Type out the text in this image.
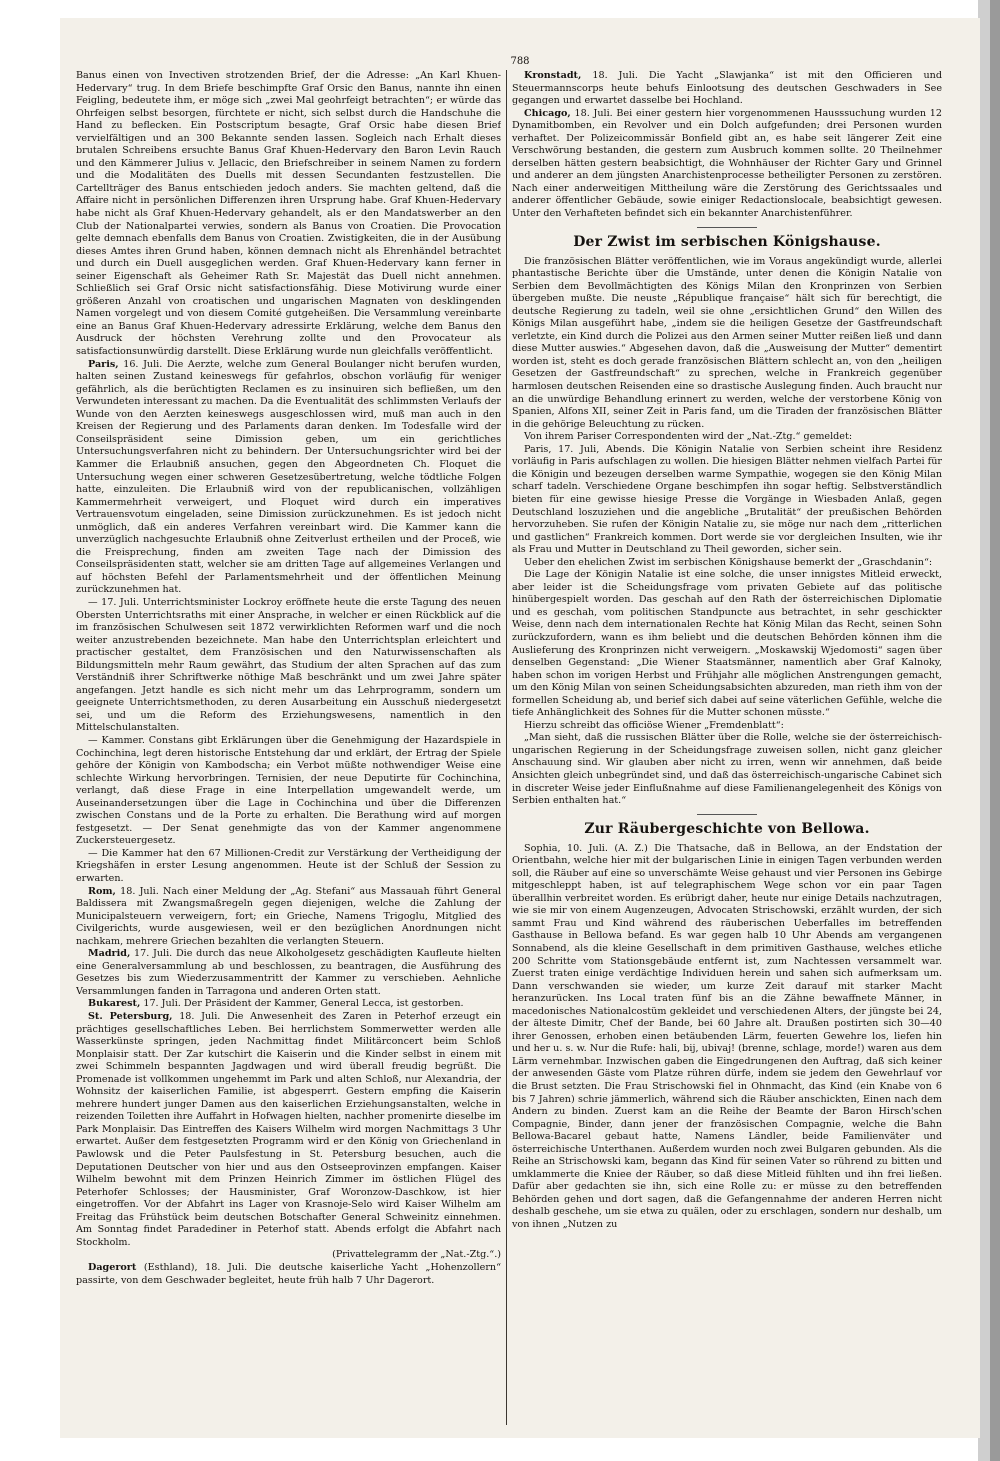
788

Banus einen von Invectiven strotzenden Brief, der die Adresse: „An Karl Khuen-Hedervary“ trug. In dem Briefe beschimpfte Graf Orsic den Banus, nannte ihn einen Feigling, bedeutete ihm, er möge sich „zwei Mal geohrfeigt betrachten“; er würde das Ohrfeigen selbst besorgen, fürchtete er nicht, sich selbst durch die Handschuhe die Hand zu beflecken. Ein Postscriptum besagte, Graf Orsic habe diesen Brief vervielfältigen und an 300 Bekannte senden lassen. Sogleich nach Erhalt dieses brutalen Schreibens ersuchte Banus Graf Khuen-Hedervary den Baron Levin Rauch und den Kämmerer Julius v. Jellacic, den Briefschreiber in seinem Namen zu fordern und die Modalitäten des Duells mit dessen Secundanten festzustellen. Die Cartellträger des Banus entschieden jedoch anders. Sie machten geltend, daß die Affaire nicht in persönlichen Differenzen ihren Ursprung habe. Graf Khuen-Hedervary habe nicht als Graf Khuen-Hedervary gehandelt, als er den Mandatswerber an den Club der Nationalpartei verwies, sondern als Banus von Croatien. Die Provocation gelte demnach ebenfalls dem Banus von Croatien. Zwistigkeiten, die in der Ausübung dieses Amtes ihren Grund haben, können demnach nicht als Ehrenhändel betrachtet und durch ein Duell ausgeglichen werden. Graf Khuen-Hedervary kann ferner in seiner Eigenschaft als Geheimer Rath Sr. Majestät das Duell nicht annehmen. Schließlich sei Graf Orsic nicht satisfactionsfähig. Diese Motivirung wurde einer größeren Anzahl von croatischen und ungarischen Magnaten von desklingenden Namen vorgelegt und von diesem Comité gutgeheißen. Die Versammlung vereinbarte eine an Banus Graf Khuen-Hedervary adressirte Erklärung, welche dem Banus den Ausdruck der höchsten Verehrung zollte und den Provocateur als satisfactionsunwürdig darstellt. Diese Erklärung wurde nun gleichfalls veröffentlicht.

Paris, 16. Juli. Die Aerzte, welche zum General Boulanger nicht berufen wurden, halten seinen Zustand keineswegs für gefahrlos, obschon vorläufig für weniger gefährlich, als die berüchtigten Reclamen es zu insinuiren sich befließen, um den Verwundeten interessant zu machen. Da die Eventualität des schlimmsten Verlaufs der Wunde von den Aerzten keineswegs ausgeschlossen wird, muß man auch in den Kreisen der Regierung und des Parlaments daran denken. Im Todesfalle wird der Conseilspräsident seine Dimission geben, um ein gerichtliches Untersuchungsverfahren nicht zu behindern. Der Untersuchungsrichter wird bei der Kammer die Erlaubniß ansuchen, gegen den Abgeordneten Ch. Floquet die Untersuchung wegen einer schweren Gesetzesübertretung, welche tödtliche Folgen hatte, einzuleiten. Die Erlaubniß wird von der republicanischen, vollzähligen Kammermehrheit verweigert, und Floquet wird durch ein imperatives Vertrauensvotum eingeladen, seine Dimission zurückzunehmen. Es ist jedoch nicht unmöglich, daß ein anderes Verfahren vereinbart wird. Die Kammer kann die unverzüglich nachgesuchte Erlaubniß ohne Zeitverlust ertheilen und der Proceß, wie die Freisprechung, finden am zweiten Tage nach der Dimission des Conseilspräsidenten statt, welcher sie am dritten Tage auf allgemeines Verlangen und auf höchsten Befehl der Parlamentsmehrheit und der öffentlichen Meinung zurückzunehmen hat.

— 17. Juli. Unterrichtsminister Lockroy eröffnete heute die erste Tagung des neuen Obersten Unterrichtsraths mit einer Ansprache, in welcher er einen Rückblick auf die im französischen Schulwesen seit 1872 verwirklichten Reformen warf und die noch weiter anzustrebenden bezeichnete. Man habe den Unterrichtsplan erleichtert und practischer gestaltet, dem Französischen und den Naturwissenschaften als Bildungsmitteln mehr Raum gewährt, das Studium der alten Sprachen auf das zum Verständniß ihrer Schriftwerke nöthige Maß beschränkt und um zwei Jahre später angefangen. Jetzt handle es sich nicht mehr um das Lehrprogramm, sondern um geeignete Unterrichtsmethoden, zu deren Ausarbeitung ein Ausschuß niedergesetzt sei, und um die Reform des Erziehungswesens, namentlich in den Mittelschulanstalten.

— Kammer. Constans gibt Erklärungen über die Genehmigung der Hazardspiele in Cochinchina, legt deren historische Entstehung dar und erklärt, der Ertrag der Spiele gehöre der Königin von Kambodscha; ein Verbot müßte nothwendiger Weise eine schlechte Wirkung hervorbringen. Ternisien, der neue Deputirte für Cochinchina, verlangt, daß diese Frage in eine Interpellation umgewandelt werde, um Auseinandersetzungen über die Lage in Cochinchina und über die Differenzen zwischen Constans und de la Porte zu erhalten. Die Berathung wird auf morgen festgesetzt. — Der Senat genehmigte das von der Kammer angenommene Zuckersteuergesetz.

— Die Kammer hat den 67 Millionen-Credit zur Verstärkung der Vertheidigung der Kriegshäfen in erster Lesung angenommen. Heute ist der Schluß der Session zu erwarten.

Rom, 18. Juli. Nach einer Meldung der „Ag. Stefani“ aus Massauah führt General Baldissera mit Zwangsmaßregeln gegen diejenigen, welche die Zahlung der Municipalsteuern verweigern, fort; ein Grieche, Namens Trigoglu, Mitglied des Civilgerichts, wurde ausgewiesen, weil er den bezüglichen Anordnungen nicht nachkam, mehrere Griechen bezahlten die verlangten Steuern.

Madrid, 17. Juli. Die durch das neue Alkoholgesetz geschädigten Kaufleute hielten eine Generalversammlung ab und beschlossen, zu beantragen, die Ausführung des Gesetzes bis zum Wiederzusammentritt der Kammer zu verschieben. Aehnliche Versammlungen fanden in Tarragona und anderen Orten statt.

Bukarest, 17. Juli. Der Präsident der Kammer, General Lecca, ist gestorben.

St. Petersburg, 18. Juli. Die Anwesenheit des Zaren in Peterhof erzeugt ein prächtiges gesellschaftliches Leben. Bei herrlichstem Sommerwetter werden alle Wasserkünste springen, jeden Nachmittag findet Militärconcert beim Schloß Monplaisir statt. Der Zar kutschirt die Kaiserin und die Kinder selbst in einem mit zwei Schimmeln bespannten Jagdwagen und wird überall freudig begrüßt. Die Promenade ist vollkommen ungehemmt im Park und alten Schloß, nur Alexandria, der Wohnsitz der kaiserlichen Familie, ist abgesperrt. Gestern empfing die Kaiserin mehrere hundert junger Damen aus den kaiserlichen Erziehungsanstalten, welche in reizenden Toiletten ihre Auffahrt in Hofwagen hielten, nachher promenirte dieselbe im Park Monplaisir. Das Eintreffen des Kaisers Wilhelm wird morgen Nachmittags 3 Uhr erwartet. Außer dem festgesetzten Programm wird er den König von Griechenland in Pawlowsk und die Peter Paulsfestung in St. Petersburg besuchen, auch die Deputationen Deutscher von hier und aus den Ostseeprovinzen empfangen. Kaiser Wilhelm bewohnt mit dem Prinzen Heinrich Zimmer im östlichen Flügel des Peterhofer Schlosses; der Hausminister, Graf Woronzow-Daschkow, ist hier eingetroffen. Vor der Abfahrt ins Lager von Krasnoje-Selo wird Kaiser Wilhelm am Freitag das Frühstück beim deutschen Botschafter General Schweinitz einnehmen. Am Sonntag findet Paradediner in Peterhof statt. Abends erfolgt die Abfahrt nach Stockholm.

(Privattelegramm der „Nat.-Ztg.“.)

Dagerort (Esthland), 18. Juli. Die deutsche kaiserliche Yacht „Hohenzollern“ passirte, von dem Geschwader begleitet, heute früh halb 7 Uhr Dagerort.

Kronstadt, 18. Juli. Die Yacht „Slawjanka“ ist mit den Officieren und Steuermannscorps heute behufs Einlootsung des deutschen Geschwaders in See gegangen und erwartet dasselbe bei Hochland.

Chicago, 18. Juli. Bei einer gestern hier vorgenommenen Hausssuchung wurden 12 Dynamitbomben, ein Revolver und ein Dolch aufgefunden; drei Personen wurden verhaftet. Der Polizeicommissär Bonfield gibt an, es habe seit längerer Zeit eine Verschwörung bestanden, die gestern zum Ausbruch kommen sollte. 20 Theilnehmer derselben hätten gestern beabsichtigt, die Wohnhäuser der Richter Gary und Grinnel und anderer an dem jüngsten Anarchistenprocesse betheiligter Personen zu zerstören. Nach einer anderweitigen Mittheilung wäre die Zerstörung des Gerichtssaales und anderer öffentlicher Gebäude, sowie einiger Redactionslocale, beabsichtigt gewesen. Unter den Verhafteten befindet sich ein bekannter Anarchistenführer.

Der Zwist im serbischen Königshause.

Die französischen Blätter veröffentlichen, wie im Voraus angekündigt wurde, allerlei phantastische Berichte über die Umstände, unter denen die Königin Natalie von Serbien dem Bevollmächtigten des Königs Milan den Kronprinzen von Serbien übergeben mußte. Die neuste „République française“ hält sich für berechtigt, die deutsche Regierung zu tadeln, weil sie ohne „ersichtlichen Grund“ den Willen des Königs Milan ausgeführt habe, „indem sie die heiligen Gesetze der Gastfreundschaft verletzte, ein Kind durch die Polizei aus den Armen seiner Mutter reißen ließ und dann diese Mutter auswies.“ Abgesehen davon, daß die „Ausweisung der Mutter“ dementirt worden ist, steht es doch gerade französischen Blättern schlecht an, von den „heiligen Gesetzen der Gastfreundschaft“ zu sprechen, welche in Frankreich gegenüber harmlosen deutschen Reisenden eine so drastische Auslegung finden. Auch braucht nur an die unwürdige Behandlung erinnert zu werden, welche der verstorbene König von Spanien, Alfons XII, seiner Zeit in Paris fand, um die Tiraden der französischen Blätter in die gehörige Beleuchtung zu rücken.

Von ihrem Pariser Correspondenten wird der „Nat.-Ztg.“ gemeldet:

Paris, 17. Juli, Abends. Die Königin Natalie von Serbien scheint ihre Residenz vorläufig in Paris aufschlagen zu wollen. Die hiesigen Blätter nehmen vielfach Partei für die Königin und bezeugen derselben warme Sympathie, wogegen sie den König Milan scharf tadeln. Verschiedene Organe beschimpfen ihn sogar heftig. Selbstverständlich bieten für eine gewisse hiesige Presse die Vorgänge in Wiesbaden Anlaß, gegen Deutschland loszuziehen und die angebliche „Brutalität“ der preußischen Behörden hervorzuheben. Sie rufen der Königin Natalie zu, sie möge nur nach dem „ritterlichen und gastlichen“ Frankreich kommen. Dort werde sie vor dergleichen Insulten, wie ihr als Frau und Mutter in Deutschland zu Theil geworden, sicher sein.

Ueber den ehelichen Zwist im serbischen Königshause bemerkt der „Graschdanin“:

Die Lage der Königin Natalie ist eine solche, die unser innigstes Mitleid erweckt, aber leider ist die Scheidungsfrage vom privaten Gebiete auf das politische hinübergespielt worden. Das geschah auf den Rath der österreichischen Diplomatie und es geschah, vom politischen Standpuncte aus betrachtet, in sehr geschickter Weise, denn nach dem internationalen Rechte hat König Milan das Recht, seinen Sohn zurückzufordern, wann es ihm beliebt und die deutschen Behörden können ihm die Auslieferung des Kronprinzen nicht verweigern. „Moskawskij Wjedomosti“ sagen über denselben Gegenstand: „Die Wiener Staatsmänner, namentlich aber Graf Kalnoky, haben schon im vorigen Herbst und Frühjahr alle möglichen Anstrengungen gemacht, um den König Milan von seinen Scheidungsabsichten abzureden, man rieth ihm von der formellen Scheidung ab, und berief sich dabei auf seine väterlichen Gefühle, welche die tiefe Anhänglichkeit des Sohnes für die Mutter schonen müsste.“

Hierzu schreibt das officiöse Wiener „Fremdenblatt“:

„Man sieht, daß die russischen Blätter über die Rolle, welche sie der österreichisch-ungarischen Regierung in der Scheidungsfrage zuweisen sollen, nicht ganz gleicher Anschauung sind. Wir glauben aber nicht zu irren, wenn wir annehmen, daß beide Ansichten gleich unbegründet sind, und daß das österreichisch-ungarische Cabinet sich in discreter Weise jeder Einflußnahme auf diese Familienangelegenheit des Königs von Serbien enthalten hat.“

Zur Räubergeschichte von Bellowa.

Sophia, 10. Juli. (A. Z.) Die Thatsache, daß in Bellowa, an der Endstation der Orientbahn, welche hier mit der bulgarischen Linie in einigen Tagen verbunden werden soll, die Räuber auf eine so unverschämte Weise gehaust und vier Personen ins Gebirge mitgeschleppt haben, ist auf telegraphischem Wege schon vor ein paar Tagen überallhin verbreitet worden. Es erübrigt daher, heute nur einige Details nachzutragen, wie sie mir von einem Augenzeugen, Advocaten Strischowski, erzählt wurden, der sich sammt Frau und Kind während des räuberischen Ueberfalles im betreffenden Gasthause in Bellowa befand. Es war gegen halb 10 Uhr Abends am vergangenen Sonnabend, als die kleine Gesellschaft in dem primitiven Gasthause, welches etliche 200 Schritte vom Stationsgebäude entfernt ist, zum Nachtessen versammelt war. Zuerst traten einige verdächtige Individuen herein und sahen sich aufmerksam um. Dann verschwanden sie wieder, um kurze Zeit darauf mit starker Macht heranzurücken. Ins Local traten fünf bis an die Zähne bewaffnete Männer, in macedonisches Nationalcostüm gekleidet und verschiedenen Alters, der jüngste bei 24, der älteste Dimitr, Chef der Bande, bei 60 Jahre alt. Draußen postirten sich 30—40 ihrer Genossen, erhoben einen betäubenden Lärm, feuerten Gewehre los, liefen hin und her u. s. w. Nur die Rufe: hali, bij, ubivaj! (brenne, schlage, morde!) waren aus dem Lärm vernehmbar. Inzwischen gaben die Eingedrungenen den Auftrag, daß sich keiner der anwesenden Gäste vom Platze rühren dürfe, indem sie jedem den Gewehrlauf vor die Brust setzten. Die Frau Strischowski fiel in Ohnmacht, das Kind (ein Knabe von 6 bis 7 Jahren) schrie jämmerlich, während sich die Räuber anschickten, Einen nach dem Andern zu binden. Zuerst kam an die Reihe der Beamte der Baron Hirsch'schen Compagnie, Binder, dann jener der französischen Compagnie, welche die Bahn Bellowa-Bacarel gebaut hatte, Namens Ländler, beide Familienväter und österreichische Unterthanen. Außerdem wurden noch zwei Bulgaren gebunden. Als die Reihe an Strischowski kam, begann das Kind für seinen Vater so rührend zu bitten und umklammerte die Kniee der Räuber, so daß diese Mitleid fühlten und ihn frei ließen. Dafür aber gedachten sie ihn, sich eine Rolle zu: er müsse zu den betreffenden Behörden gehen und dort sagen, daß die Gefangennahme der anderen Herren nicht deshalb geschehe, um sie etwa zu quälen, oder zu erschlagen, sondern nur deshalb, um von ihnen „Nutzen zu
